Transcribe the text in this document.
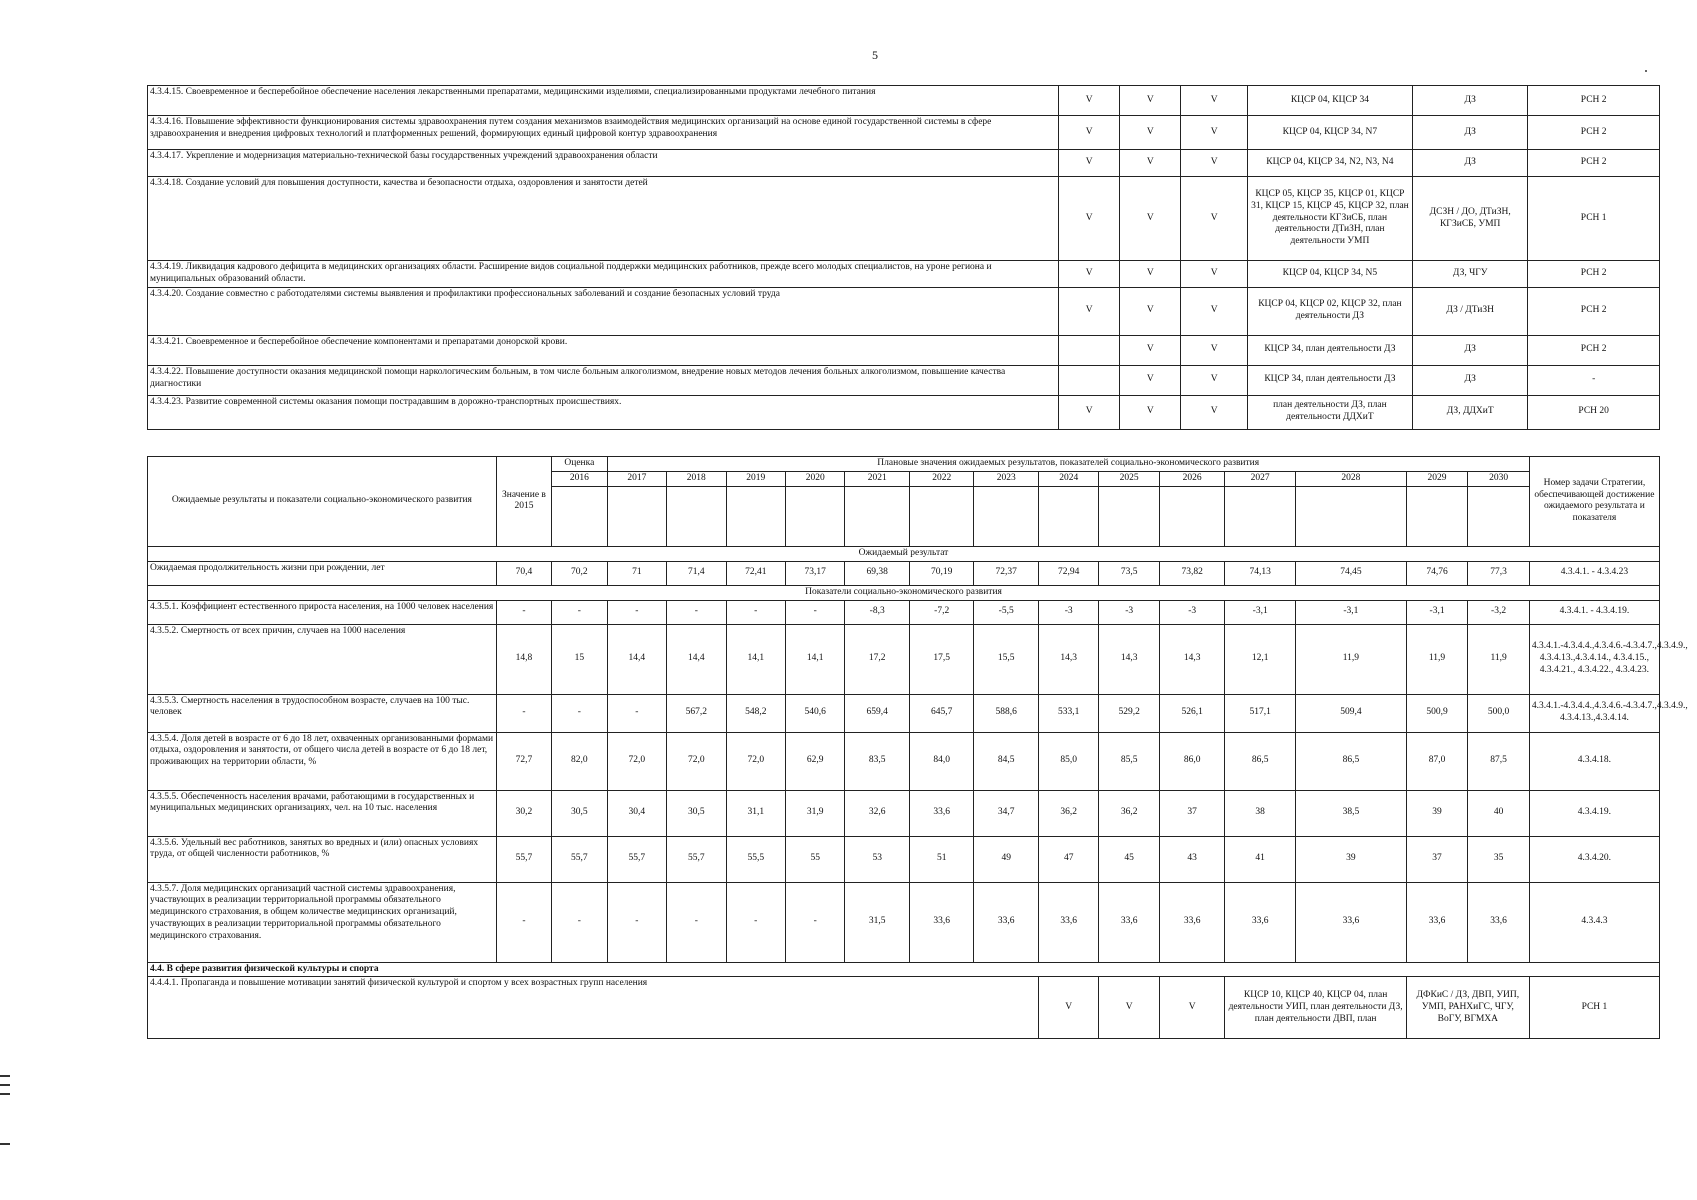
5
4.3.4.15. Своевременное и бесперебойное обеспечение населения лекарственными препаратами, медицинскими изделиями, специализированными продуктами лечебного питания	V	V	V	КЦСР 04, КЦСР 34	ДЗ	РСН 2
4.3.4.16. Повышение эффективности функционирования системы здравоохранения путем создания механизмов взаимодействия медицинских организаций на основе единой государственной системы в сфере здравоохранения и внедрения цифровых технологий и платформенных решений, формирующих единый цифровой контур здравоохранения	V	V	V	КЦСР 04, КЦСР 34, N7	ДЗ	РСН 2
4.3.4.17. Укрепление и модернизация материально-технической базы государственных учреждений здравоохранения области	V	V	V	КЦСР 04, КЦСР 34, N2, N3, N4	ДЗ	РСН 2
4.3.4.18. Создание условий для повышения доступности, качества и безопасности отдыха, оздоровления и занятости детей	V	V	V	КЦСР 05, КЦСР 35, КЦСР 01, КЦСР 31, КЦСР 15, КЦСР 45, КЦСР 32, план деятельности КГЗиСБ, план деятельности ДТиЗН, план деятельности УМП	ДСЗН / ДО, ДТиЗН, КГЗиСБ, УМП	РСН 1
4.3.4.19. Ликвидация кадрового дефицита в медицинских организациях области. Расширение видов социальной поддержки медицинских работников, прежде всего молодых специалистов, на уроне региона и муниципальных образований области.	V	V	V	КЦСР 04, КЦСР 34, N5	ДЗ, ЧГУ	РСН 2
4.3.4.20. Создание совместно с работодателями системы выявления и профилактики профессиональных заболеваний и создание безопасных условий труда	V	V	V	КЦСР 04, КЦСР 02, КЦСР 32, план деятельности ДЗ	ДЗ / ДТиЗН	РСН 2
4.3.4.21. Своевременное и бесперебойное обеспечение компонентами и препаратами донорской крови.		V	V	КЦСР 34, план деятельности ДЗ	ДЗ	РСН 2
4.3.4.22. Повышение доступности оказания медицинской помощи наркологическим больным, в том числе больным алкоголизмом, внедрение новых методов лечения больных алкоголизмом, повышение качества диагностики		V	V	КЦСР 34, план деятельности ДЗ	ДЗ	-
4.3.4.23. Развитие современной системы оказания помощи пострадавшим в дорожно-транспортных происшествиях.	V	V	V	план деятельности ДЗ, план деятельности ДДХиТ	ДЗ, ДДХиТ	РСН 20
Ожидаемые результаты и показатели социально-экономического развития	Значение в 2015	Оценка	Плановые значения ожидаемых результатов, показателей социально-экономического развития														Номер задачи Стратегии, обеспечивающей достижение ожидаемого результата и показателя
		2016	2017	2018	2019	2020	2021	2022	2023	2024	2025	2026	2027	2028	2029	2030	

Ожидаемый результат																	
Ожидаемая продолжительность жизни при рождении, лет	70,4	70,2	71	71,4	72,41	73,17	69,38	70,19	72,37	72,94	73,5	73,82	74,13	74,45	74,76	77,3	4.3.4.1. - 4.3.4.23
Показатели социально-экономического развития																	
4.3.5.1. Коэффициент естественного прироста населения, на 1000 человек населения	-	-	-	-	-	-	-8,3	-7,2	-5,5	-3	-3	-3	-3,1	-3,1	-3,1	-3,2	4.3.4.1. - 4.3.4.19.
4.3.5.2. Смертность от всех причин, случаев на 1000 населения	14,8	15	14,4	14,4	14,1	14,1	17,2	17,5	15,5	14,3	14,3	14,3	12,1	11,9	11,9	11,9	4.3.4.1.-4.3.4.4.,4.3.4.6.-4.3.4.7.,4.3.4.9., 4.3.4.13.,4.3.4.14., 4.3.4.15., 4.3.4.21., 4.3.4.22., 4.3.4.23.
4.3.5.3. Смертность населения в трудоспособном возрасте, случаев на 100 тыс. человек	-	-	-	567,2	548,2	540,6	659,4	645,7	588,6	533,1	529,2	526,1	517,1	509,4	500,9	500,0	4.3.4.1.-4.3.4.4.,4.3.4.6.-4.3.4.7.,4.3.4.9., 4.3.4.13.,4.3.4.14.
4.3.5.4. Доля детей в возрасте от 6 до 18 лет, охваченных организованными формами отдыха, оздоровления и занятости, от общего числа детей в возрасте от 6 до 18 лет, проживающих на территории области, %	72,7	82,0	72,0	72,0	72,0	62,9	83,5	84,0	84,5	85,0	85,5	86,0	86,5	86,5	87,0	87,5	4.3.4.18.
4.3.5.5. Обеспеченность населения врачами, работающими в государственных и муниципальных медицинских организациях, чел. на 10 тыс. населения	30,2	30,5	30,4	30,5	31,1	31,9	32,6	33,6	34,7	36,2	36,2	37	38	38,5	39	40	4.3.4.19.
4.3.5.6. Удельный вес работников, занятых во вредных и (или) опасных условиях труда, от общей численности работников, %	55,7	55,7	55,7	55,7	55,5	55	53	51	49	47	45	43	41	39	37	35	4.3.4.20.
4.3.5.7. Доля медицинских организаций частной системы здравоохранения, участвующих в реализации территориальной программы обязательного медицинского страхования, в общем количестве медицинских организаций, участвующих в реализации территориальной программы обязательного медицинского страхования.	-	-	-	-	-	-	31,5	33,6	33,6	33,6	33,6	33,6	33,6	33,6	33,6	33,6	4.3.4.3
4.4. В сфере развития физической культуры и спорта																	
4.4.4.1. Пропаганда и повышение мотивации занятий физической культурой и спортом у всех возрастных групп населения										V	V	V	КЦСР 10, КЦСР 40, КЦСР 04, план деятельности УИП, план деятельности ДЗ, план деятельности ДВП, план		ДФКиС / ДЗ, ДВП, УИП, УМП, РАНХиГС, ЧГУ, ВоГУ, ВГМХА		РСН 1
